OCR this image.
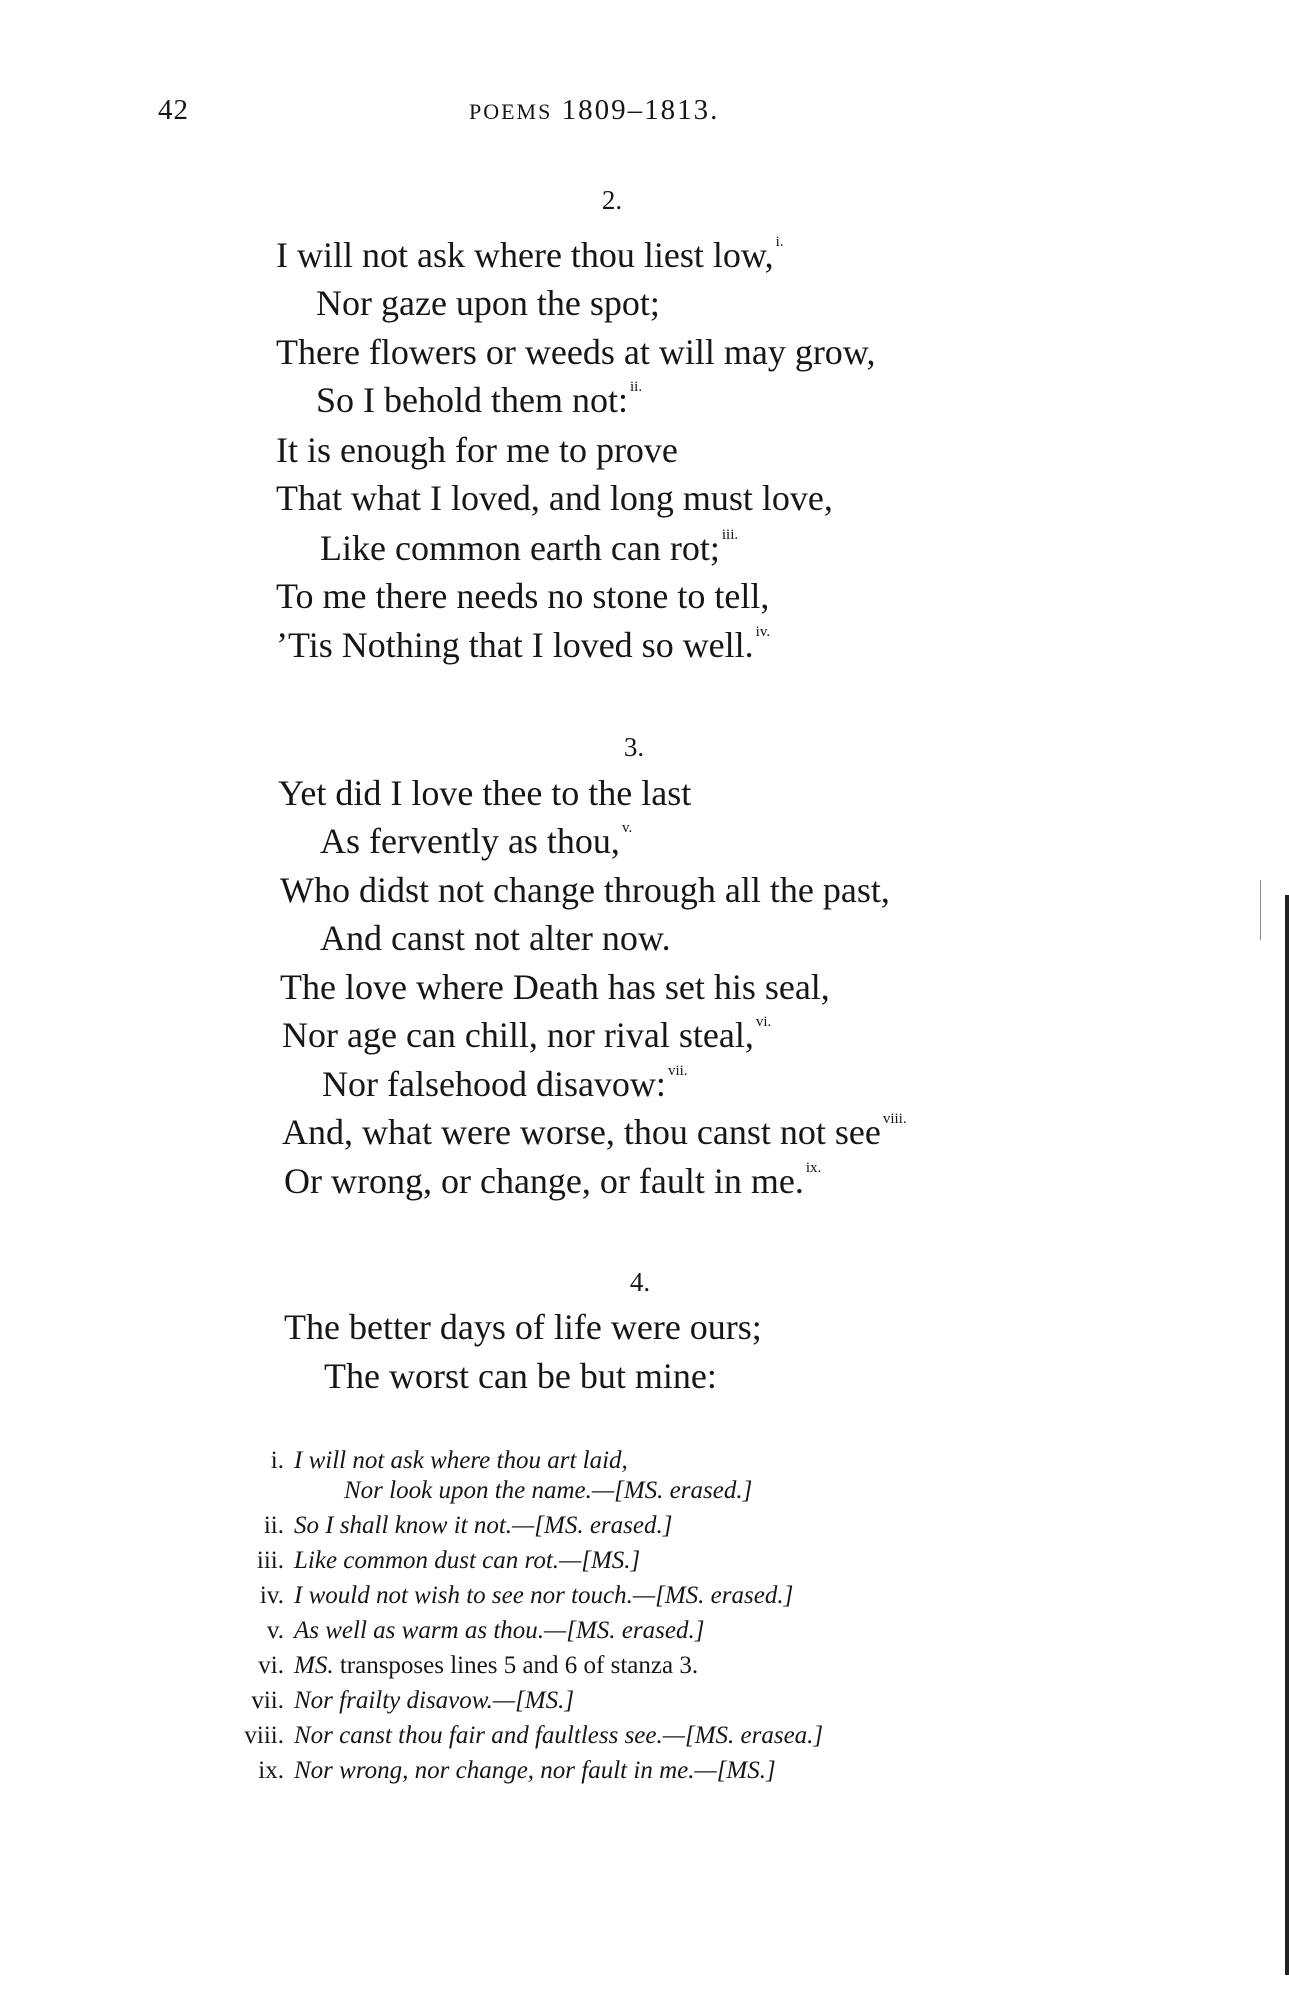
42	POEMS 1809–1813.
2.
I will not ask where thou liest low, $^{i.}$
Nor gaze upon the spot;
There flowers or weeds at will may grow,
So I behold them not: $^{ii.}$
It is enough for me to prove
That what I loved, and long must love,
Like common earth can rot; $^{iii.}$
To me there needs no stone to tell,
’Tis Nothing that I loved so well. $^{iv.}$
3.
Yet did I love thee to the last
As fervently as thou, $^{v.}$
Who didst not change through all the past,
And canst not alter now.
The love where Death has set his seal,
Nor age can chill, nor rival steal, $^{vi.}$
Nor falsehood disavow: $^{vii.}$
And, what were worse, thou canst not see $^{viii.}$
Or wrong, or change, or fault in me. $^{ix.}$
4.
The better days of life were ours;
The worst can be but mine:
i. I will not ask where thou art laid,
Nor look upon the name.—[MS. erased.]
ii. So I shall know it not.—[MS. erased.]
iii. Like common dust can rot.—[MS.]
iv. I would not wish to see nor touch.—[MS. erased.]
v. As well as warm as thou.—[MS. erased.]
vi. MS. transposes lines 5 and 6 of stanza 3.
vii. Nor frailty disavow.—[MS.]
viii. Nor canst thou fair and faultless see.—[MS. erasea.]
ix. Nor wrong, nor change, nor fault in me.—[MS.]
